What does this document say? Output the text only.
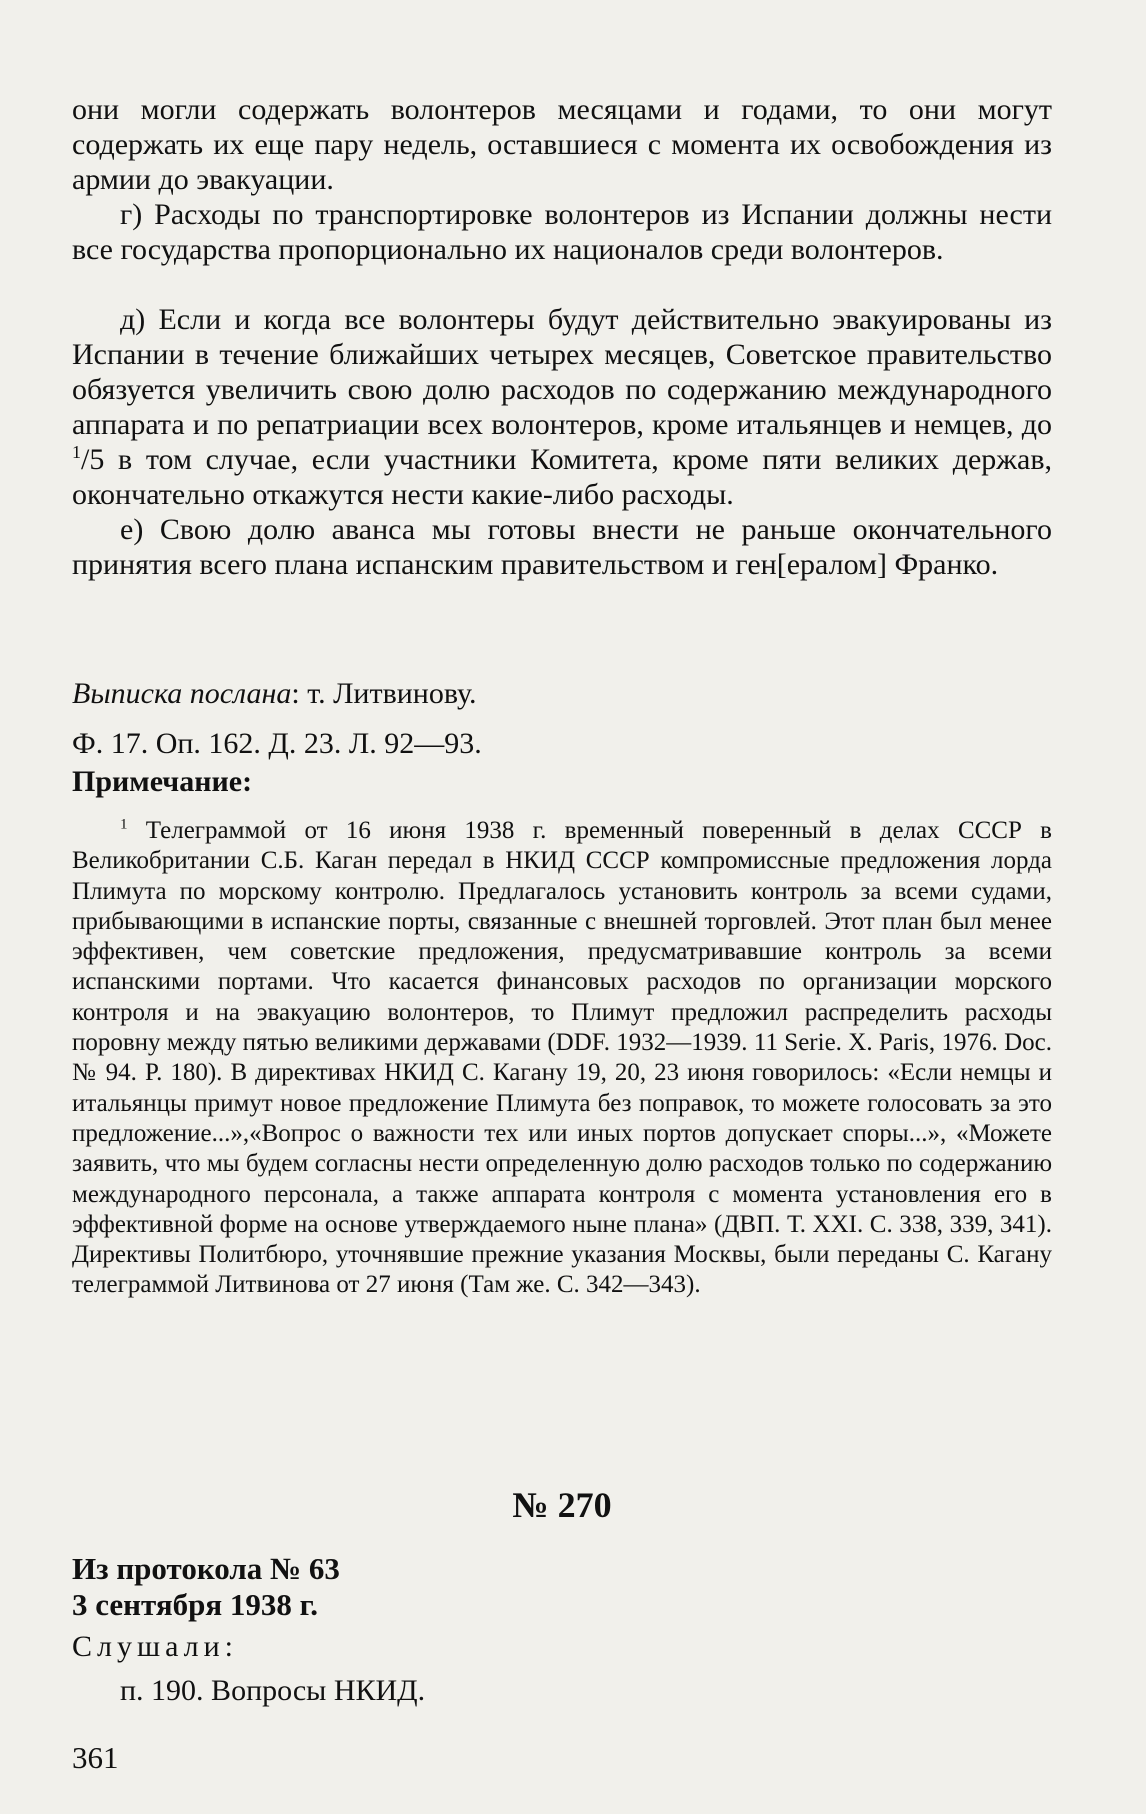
они могли содержать волонтеров месяцами и годами, то они могут содержать их еще пару недель, оставшиеся с момента их освобождения из армии до эвакуации.

г) Расходы по транспортировке волонтеров из Испании должны нести все государства пропорционально их националов среди волонтеров.

д) Если и когда все волонтеры будут действительно эвакуированы из Испании в течение ближайших четырех месяцев, Советское правительство обязуется увеличить свою долю расходов по содержанию международного аппарата и по репатриации всех волонтеров, кроме итальянцев и немцев, до $^1$/5 в том случае, если участники Комитета, кроме пяти великих держав, окончательно откажутся нести какие-либо расходы.

е) Свою долю аванса мы готовы внести не раньше окончательного принятия всего плана испанским правительством и ген[ералом] Франко.

Выписка послана: т. Литвинову.

Ф. 17. Оп. 162. Д. 23. Л. 92—93.

Примечание:

$^1$ Телеграммой от 16 июня 1938 г. временный поверенный в делах СССР в Великобритании С.Б. Каган передал в НКИД СССР компромиссные предложения лорда Плимута по морскому контролю. Предлагалось установить контроль за всеми судами, прибывающими в испанские порты, связанные с внешней торговлей. Этот план был менее эффективен, чем советские предложения, предусматривавшие контроль за всеми испанскими портами. Что касается финансовых расходов по организации морского контроля и на эвакуацию волонтеров, то Плимут предложил распределить расходы поровну между пятью великими державами (DDF. 1932—1939. 11 Serie. X. Paris, 1976. Doc. № 94. P. 180). В директивах НКИД С. Кагану 19, 20, 23 июня говорилось: «Если немцы и итальянцы примут новое предложение Плимута без поправок, то можете голосовать за это предложение...»,«Вопрос о важности тех или иных портов допускает споры...», «Можете заявить, что мы будем согласны нести определенную долю расходов только по содержанию международного персонала, а также аппарата контроля с момента установления его в эффективной форме на основе утверждаемого ныне плана» (ДВП. Т. XXI. С. 338, 339, 341). Директивы Политбюро, уточнявшие прежние указания Москвы, были переданы С. Кагану телеграммой Литвинова от 27 июня (Там же. С. 342—343).

№ 270

Из протокола № 63

3 сентября 1938 г.

Слушали:

п. 190. Вопросы НКИД.

361
